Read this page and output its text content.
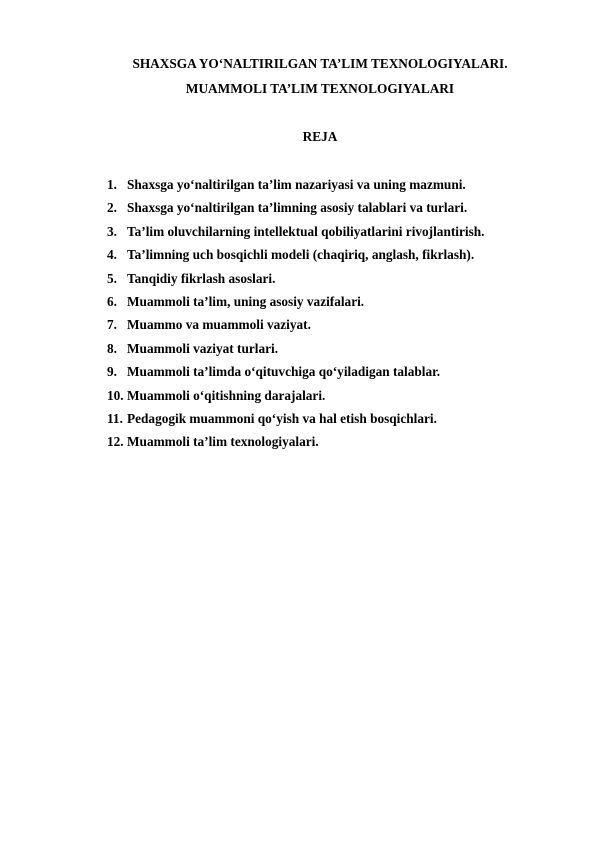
SHAXSGA YO‘NALTIRILGAN TA’LIM TEXNOLOGIYALARI.
MUAMMOLI TA’LIM TEXNOLOGIYALARI
REJA
1. Shaxsga yo‘naltirilgan ta’lim nazariyasi va uning mazmuni.
2. Shaxsga yo‘naltirilgan ta’limning asosiy talablari va turlari.
3. Ta’lim oluvchilarning intellektual qobiliyatlarini rivojlantirish.
4. Ta’limning uch bosqichli modeli (chaqiriq, anglash, fikrlash).
5. Tanqidiy fikrlash asoslari.
6. Muammoli ta’lim, uning asosiy vazifalari.
7. Muammo va muammoli vaziyat.
8. Muammoli vaziyat turlari.
9. Muammoli ta’limda o‘qituvchiga qo‘yiladigan talablar.
10. Muammoli o‘qitishning darajalari.
11. Pedagogik muammoni qo‘yish va hal etish bosqichlari.
12. Muammoli ta’lim texnologiyalari.
